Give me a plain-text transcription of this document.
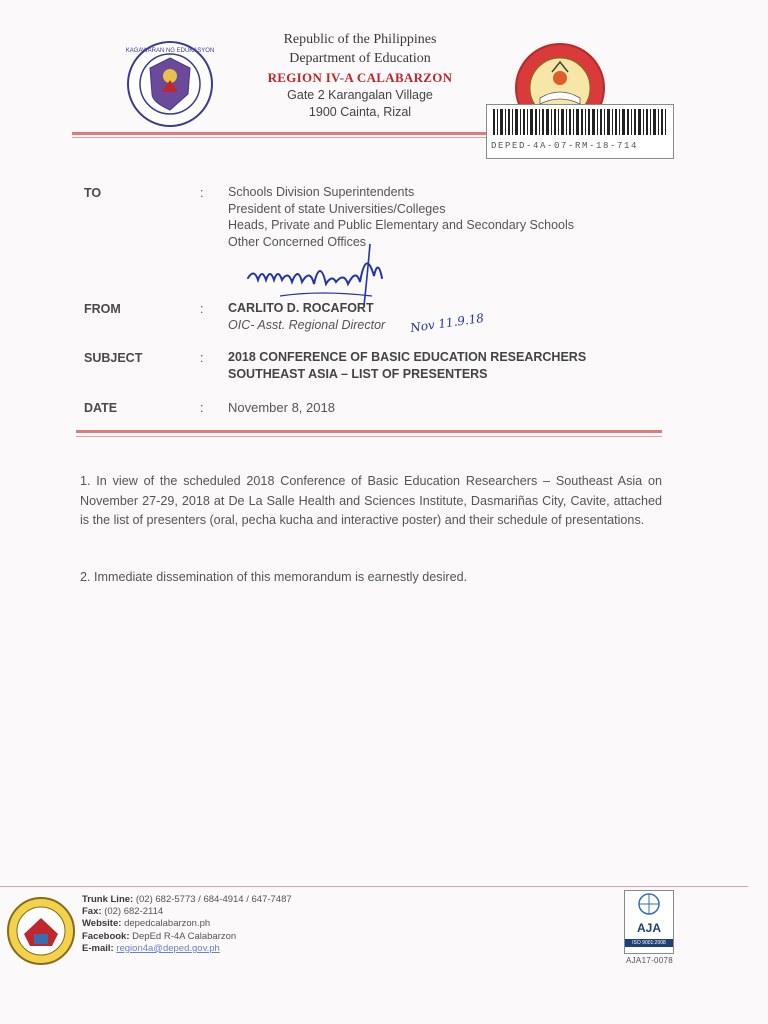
KAGAWARAN NG EDUKASYON
Republic of the Philippines
Department of Education
REGION IV-A CALABARZON
Gate 2 Karangalan Village
1900 Cainta, Rizal
DEPED-4A-07-RM-18-714
TO	: Schools Division Superintendents
President of state Universities/Colleges
Heads, Private and Public Elementary and Secondary Schools
Other Concerned Offices
FROM	: CARLITO D. ROCAFORT
OIC- Asst. Regional Director	Nov 11.9.18
SUBJECT	: 2018 CONFERENCE OF BASIC EDUCATION RESEARCHERS
SOUTHEAST ASIA – LIST OF PRESENTERS
DATE	: November 8, 2018
1. In view of the scheduled 2018 Conference of Basic Education Researchers – Southeast Asia on November 27-29, 2018 at De La Salle Health and Sciences Institute, Dasmariñas City, Cavite, attached is the list of presenters (oral, pecha kucha and interactive poster) and their schedule of presentations.
2. Immediate dissemination of this memorandum is earnestly desired.
Trunk Line: (02) 682-5773 / 684-4914 / 647-7487
Fax: (02) 682-2114
Website: depedcalabarzon.ph
Facebook: DepEd R-4A Calabarzon
E-mail: region4a@deped.gov.ph
AJA
ISO 9001:2008
AJA17-0078
